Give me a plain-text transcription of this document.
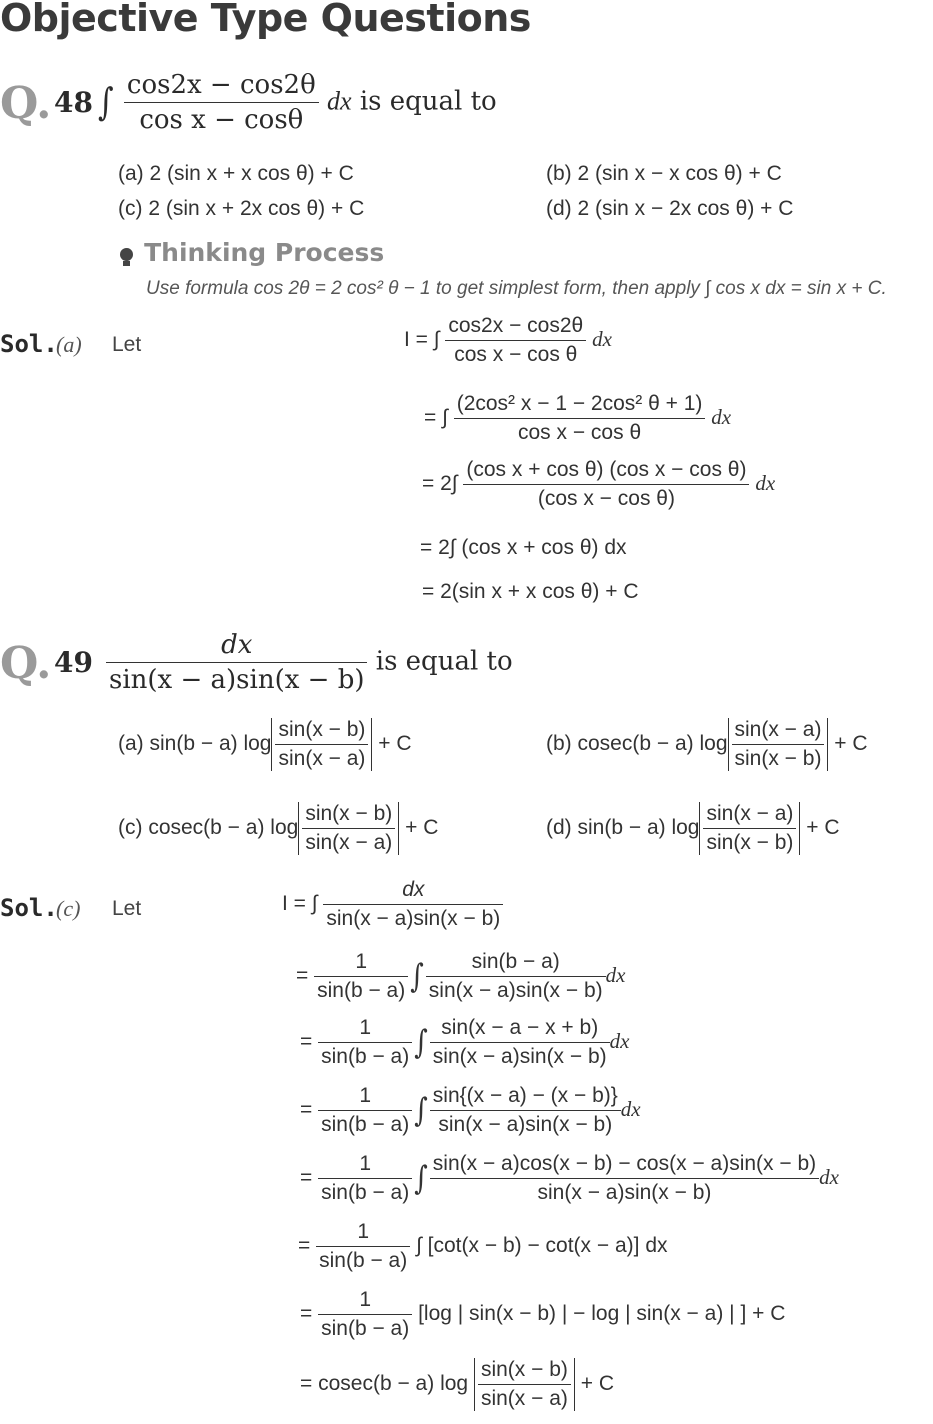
Objective Type Questions
Q. 48 ∫ $\frac{\cos 2x - \cos 2\theta}{\text{cos x − cosθ}}$ dx is equal to
(a) 2 (sin x + x cos θ) + C	(b) 2 (sin x − x cos θ) + C
(c) 2 (sin x + 2x cos θ) + C	(d) 2 (sin x − 2x cos θ) + C
Thinking Process
Use formula cos 2θ = 2 cos² θ − 1 to get simplest form, then apply ∫ cos x dx = sin x + C.
Sol.
(a) Let	I = ∫ $\frac{\cos 2x - \cos 2\theta}{\text{cos x − cos θ}}$ dx
= ∫ $\frac{\text{(2cos² x − 1 − 2cos² θ + 1)}}{\text{cos x − cos θ}}$ dx
= $2\int \frac{\text{(cos x + cos θ) (cos x − cos θ)}}{\text{(cos x − cos θ)}}$ dx
= 2∫ (cos x + cos θ) dx
= 2(sin x + x cos θ) + C
Q. $49 \frac{dx}{\sin(x - a)\sin(x - b)}$ is equal to
(a) sin(b − a) $\log \frac{\sin(x - b)}{\sin(x - a)} + C$	(b) cosec(b − a) $\log \frac{\sin(x - a)}{\sin(x - b)} + C$
(c) cosec(b − a) $\log \frac{\sin(x - b)}{\sin(x - a)} + C$	(d) sin(b − a) $\log \frac{\sin(x - a)}{\sin(x - b)} + C$
Sol.
(c) Let	I = ∫ $\frac{dx}{\sin(x - a)\sin(x - b)}$
= $\frac{1}{\sin(b - a)}$ ∫ $\frac{\sin(b - a)}{\sin(x - a)\sin(x - b)}$ dx
= $\frac{1}{\sin(b - a)}$ ∫ $\frac{\sin(x - a - x + b)}{\sin(x - a)\sin(x - b)}$ dx
= $\frac{1}{\sin(b - a)}$ ∫ $\frac{\sin\{(x - a) - (x - b)\}}{\sin(x - a)\sin(x - b)}$ dx
= $\frac{1}{\sin(b - a)}$ ∫ $\frac{\sin(x - a)\cos(x - b) - \cos(x - a)\sin(x - b)}{\sin(x - a)\sin(x - b)}$ dx
= $\frac{1}{\sin(b - a)}$ ∫ [cot(x − b) − cot(x − a)] dx
= $\frac{1}{\sin(b - a)} [\log$ | sin(x − b) | − log | sin(x − a) | ] + C
= cosec(b − a) $\log \frac{\sin(x - b)}{\sin(x - a)} + C$
